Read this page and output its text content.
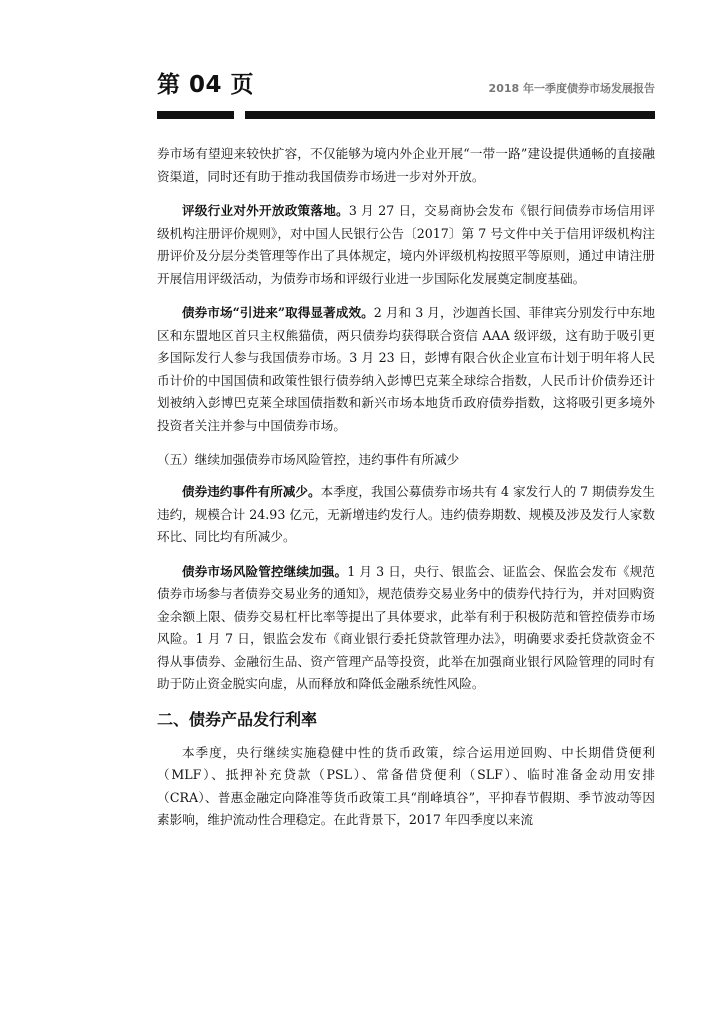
第 04 页	2018 年一季度债券市场发展报告

券市场有望迎来较快扩容，不仅能够为境内外企业开展“一带一路”建设提供通畅的直接融资渠道，同时还有助于推动我国债券市场进一步对外开放。

评级行业对外开放政策落地。3 月 27 日，交易商协会发布《银行间债券市场信用评级机构注册评价规则》，对中国人民银行公告〔2017〕第 7 号文件中关于信用评级机构注册评价及分层分类管理等作出了具体规定，境内外评级机构按照平等原则，通过申请注册开展信用评级活动，为债券市场和评级行业进一步国际化发展奠定制度基础。

债券市场“引进来”取得显著成效。2 月和 3 月，沙迦酋长国、菲律宾分别发行中东地区和东盟地区首只主权熊猫债，两只债券均获得联合资信 AAA 级评级，这有助于吸引更多国际发行人参与我国债券市场。3 月 23 日，彭博有限合伙企业宣布计划于明年将人民币计价的中国国债和政策性银行债券纳入彭博巴克莱全球综合指数，人民币计价债券还计划被纳入彭博巴克莱全球国债指数和新兴市场本地货币政府债券指数，这将吸引更多境外投资者关注并参与中国债券市场。

（五）继续加强债券市场风险管控，违约事件有所减少

债券违约事件有所减少。本季度，我国公募债券市场共有 4 家发行人的 7 期债券发生违约，规模合计 24.93 亿元，无新增违约发行人。违约债券期数、规模及涉及发行人家数环比、同比均有所减少。

债券市场风险管控继续加强。1 月 3 日，央行、银监会、证监会、保监会发布《规范债券市场参与者债券交易业务的通知》，规范债券交易业务中的债券代持行为，并对回购资金余额上限、债券交易杠杆比率等提出了具体要求，此举有利于积极防范和管控债券市场风险。1 月 7 日，银监会发布《商业银行委托贷款管理办法》，明确要求委托贷款资金不得从事债券、金融衍生品、资产管理产品等投资，此举在加强商业银行风险管理的同时有助于防止资金脱实向虚，从而释放和降低金融系统性风险。

二、债券产品发行利率

本季度，央行继续实施稳健中性的货币政策，综合运用逆回购、中长期借贷便利（MLF）、抵押补充贷款（PSL）、常备借贷便利（SLF）、临时准备金动用安排（CRA）、普惠金融定向降准等货币政策工具“削峰填谷”，平抑春节假期、季节波动等因素影响，维护流动性合理稳定。在此背景下，2017 年四季度以来流
